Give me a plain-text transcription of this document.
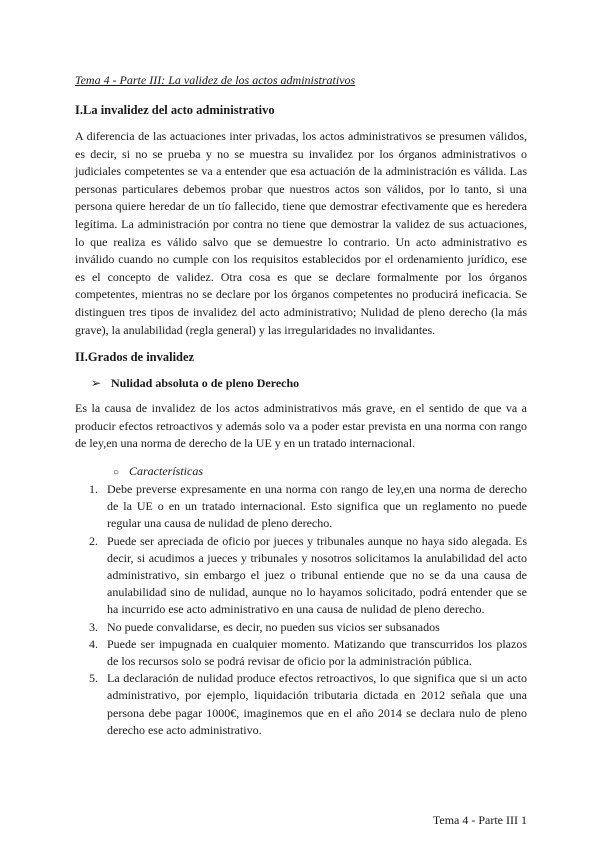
Tema 4 - Parte III: La validez de los actos administrativos
I.La invalidez del acto administrativo

A diferencia de las actuaciones inter privadas, los actos administrativos se presumen válidos, es decir, si no se prueba y no se muestra su invalidez por los órganos administrativos o judiciales competentes se va a entender que esa actuación de la administración es válida. Las personas particulares debemos probar que nuestros actos son válidos, por lo tanto, si una persona quiere heredar de un tío fallecido, tiene que demostrar efectivamente que es heredera legítima. La administración por contra no tiene que demostrar la validez de sus actuaciones, lo que realiza es válido salvo que se demuestre lo contrario. Un acto administrativo es inválido cuando no cumple con los requisitos establecidos por el ordenamiento jurídico, ese es el concepto de validez. Otra cosa es que se declare formalmente por los órganos competentes, mientras no se declare por los órganos competentes no producirá ineficacia. Se distinguen tres tipos de invalidez del acto administrativo; Nulidad de pleno derecho (la más grave), la anulabilidad (regla general) y las irregularidades no invalidantes.

II.Grados de invalidez
➢ Nulidad absoluta o de pleno Derecho

Es la causa de invalidez de los actos administrativos más grave, en el sentido de que va a producir efectos retroactivos y además solo va a poder estar prevista en una norma con rango de ley,en una norma de derecho de la UE y en un tratado internacional.

○ Características
1. Debe preverse expresamente en una norma con rango de ley,en una norma de derecho de la UE o en un tratado internacional. Esto significa que un reglamento no puede regular una causa de nulidad de pleno derecho.
2. Puede ser apreciada de oficio por jueces y tribunales aunque no haya sido alegada. Es decir, si acudimos a jueces y tribunales y nosotros solicitamos la anulabilidad del acto administrativo, sin embargo el juez o tribunal entiende que no se da una causa de anulabilidad sino de nulidad, aunque no lo hayamos solicitado, podrá entender que se ha incurrido ese acto administrativo en una causa de nulidad de pleno derecho.
3. No puede convalidarse, es decir, no pueden sus vicios ser subsanados
4. Puede ser impugnada en cualquier momento. Matizando que transcurridos los plazos de los recursos solo se podrá revisar de oficio por la administración pública.
5. La declaración de nulidad produce efectos retroactivos, lo que significa que si un acto administrativo, por ejemplo, liquidación tributaria dictada en 2012 señala que una persona debe pagar 1000€, imaginemos que en el año 2014 se declara nulo de pleno derecho ese acto administrativo.
Tema 4 - Parte III 1
